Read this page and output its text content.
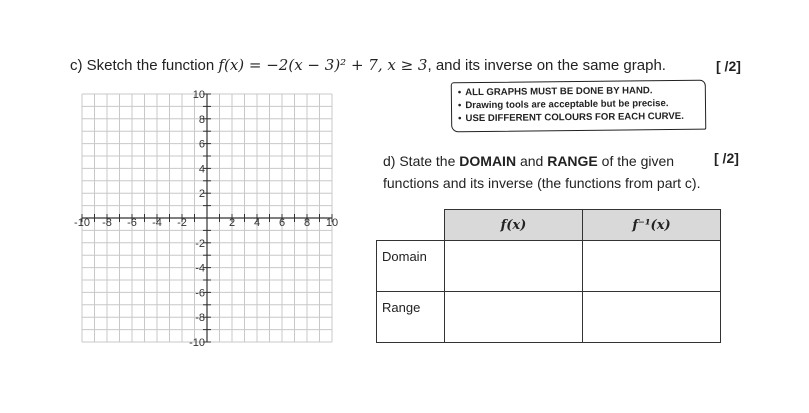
c) Sketch the function f(x) = −2(x − 3)² + 7, x ≥ 3, and its inverse on the same graph.	[ /2]
• ALL GRAPHS MUST BE DONE BY HAND.
• Drawing tools are acceptable but be precise.
• USE DIFFERENT COLOURS FOR EACH CURVE.
d) State the DOMAIN and RANGE of the given
functions and its inverse (the functions from part c).
[ /2]
-10 -8 -6 -4 -2	2 4 6 8 10
10
8
6
4
2
-2
-4
-6
-8
-10
	f(x)	f⁻¹(x)
Domain		
Range		
